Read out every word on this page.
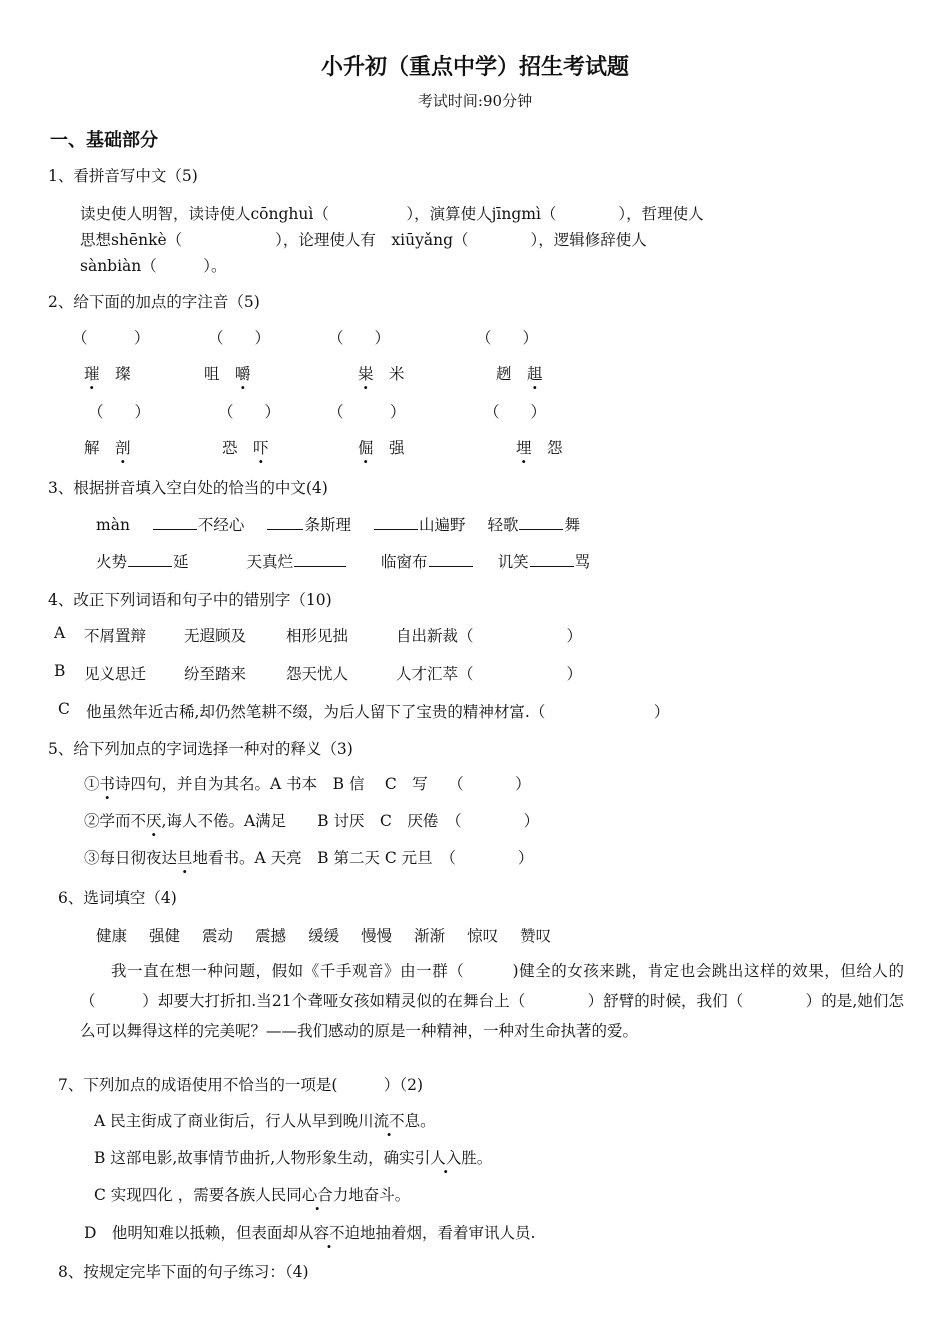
小升初（重点中学）招生考试题
考试时间:90分钟
一、基础部分
1、看拼音写中文（5)
读史使人明智，读诗使人cōnghuì（　　　　　），演算使人jīngmì（　　　　），哲理使人
思想shēnkè（　　　　　　），论理使人有　xiūyǎng（　　　　），逻辑修辞使人
sànbiàn（　　　）。
2、给下面的加点的字注音（5)
（　　　）	（　　）	（　　）	（　　）
璀　 璨	咀　 嚼	粜　 米	趔　 趄
（　　）	（　　）	（　　　）	（　　）
解　 剖	恐　 吓	倔　 强	埋　 怨
3、根据拼音填入空白处的恰当的中文(4)
màn	不经心	条斯理	山遍野 轻歌	舞
火势	延	天真烂	临窗布	讥笑	骂
4、改正下列词语和句子中的错别字（10)
A 不屑置辩 无遐顾及	相形见拙	自出新裁（　　　　　　）
B 见义思迁 纷至踏来	怨天忧人	人才汇萃（　　　　　　）
C 他虽然年近古稀,却仍然笔耕不缀，为后人留下了宝贵的精神材富.（　　　　　　　）
5、给下列加点的字词选择一种对的释义（3)
①书诗四句，并自为其名。A 书本　B 信　 C　写　 （　　　 ）
②学而不厌,诲人不倦。A满足　　B 讨厌　C　厌倦　（　　　　）
③每日彻夜达旦地看书。A 天亮　B 第二天 C 元旦　（　　　　）
6、选词填空（4)
健康 强健 震动 震撼 缓缓 慢慢 渐渐 惊叹 赞叹
我一直在想一种问题，假如《千手观音》由一群（　　　)健全的女孩来跳，肯定也会跳出这样的效果，但给人的（　　　）却要大打折扣.当21个聋哑女孩如精灵似的在舞台上（　　　　）舒臂的时候，我们（　　　　）的是,她们怎么可以舞得这样的完美呢？——我们感动的原是一种精神，一种对生命执著的爱。
7、下列加点的成语使用不恰当的一项是(　　　）（2)
A 民主街成了商业街后，行人从早到晚川流不息。
B 这部电影,故事情节曲折,人物形象生动，确实引人入胜。
C 实现四化 ，需要各族人民同心合力地奋斗。
D　他明知难以抵赖，但表面却从容不迫地抽着烟，看着审讯人员.
8、按规定完毕下面的句子练习：（4)
